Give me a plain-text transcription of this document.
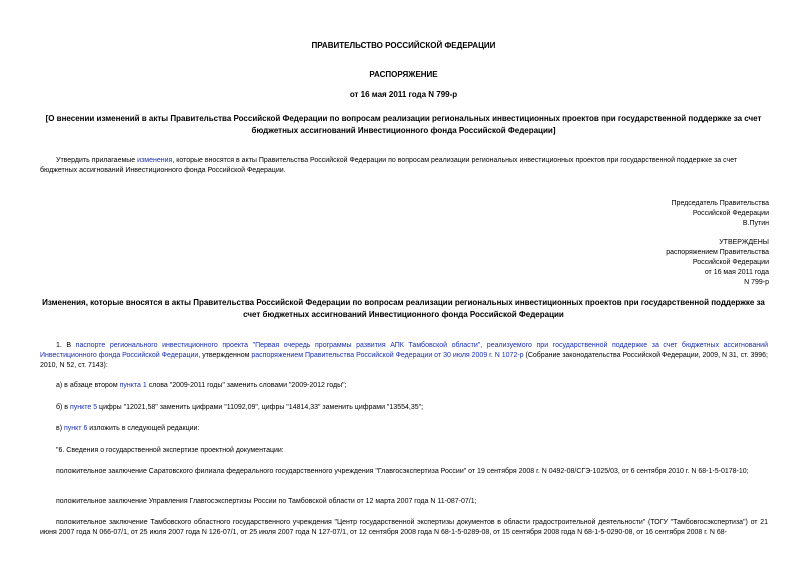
ПРАВИТЕЛЬСТВО РОССИЙСКОЙ ФЕДЕРАЦИИ
РАСПОРЯЖЕНИЕ
от 16 мая 2011 года N 799-р
[О внесении изменений в акты Правительства Российской Федерации по вопросам реализации региональных инвестиционных проектов при государственной поддержке за счет бюджетных ассигнований Инвестиционного фонда Российской Федерации]
Утвердить прилагаемые изменения, которые вносятся в акты Правительства Российской Федерации по вопросам реализации региональных инвестиционных проектов при государственной поддержке за счет бюджетных ассигнований Инвестиционного фонда Российской Федерации.
Председатель Правительства
Российской Федерации
В.Путин
УТВЕРЖДЕНЫ
распоряжением Правительства
Российской Федерации
от 16 мая 2011 года
N 799-р
Изменения, которые вносятся в акты Правительства Российской Федерации по вопросам реализации региональных инвестиционных проектов при государственной поддержке за счет бюджетных ассигнований Инвестиционного фонда Российской Федерации
1. В паспорте регионального инвестиционного проекта "Первая очередь программы развития АПК Тамбовской области", реализуемого при государственной поддержке за счет бюджетных ассигнований Инвестиционного фонда Российской Федерации, утвержденном распоряжением Правительства Российской Федерации от 30 июля 2009 г. N 1072-р (Собрание законодательства Российской Федерации, 2009, N 31, ст. 3996; 2010, N 52, ст. 7143):
а) в абзаце втором пункта 1 слова "2009-2011 годы" заменить словами "2009-2012 годы";
б) в пункте 5 цифры "12021,58" заменить цифрами "11092,09", цифры "14814,33" заменить цифрами "13554,35";
в) пункт 6 изложить в следующей редакции:
"6. Сведения о государственной экспертизе проектной документации:
положительное заключение Саратовского филиала федерального государственного учреждения "Главгосэкспертиза России" от 19 сентября 2008 г. N 0492-08/СГЭ-1025/03, от 6 сентября 2010 г. N 68-1-5-0178-10;
положительное заключение Управления Главгосэкспертизы России по Тамбовской области от 12 марта 2007 года N 11-087-07/1;
положительное заключение Тамбовского областного государственного учреждения "Центр государственной экспертизы документов в области градостроительной деятельности" (ТОГУ "Тамбовгосэкспертиза") от 21 июня 2007 года N 066-07/1, от 25 июля 2007 года N 126-07/1, от 25 июля 2007 года N 127-07/1, от 12 сентября 2008 года N 68-1-5-0289-08, от 15 сентября 2008 года N 68-1-5-0290-08, от 16 сентября 2008 г. N 68-
